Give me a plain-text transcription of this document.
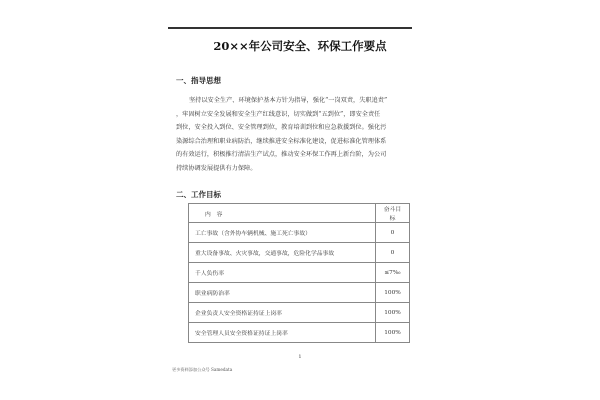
20××年公司安全、环保工作要点
一、指导思想
坚持以安全生产、环境保护基本方针为指导，强化“一岗双责，失职追责”
，牢固树立安全发展和安全生产红线意识，切实做到“五到位”，即安全责任
到位，安全投入到位、安全管理到位，教育培训到位和应急救援到位。强化污
染源综合治理和职业病防治，继续推进安全标准化建设，促进标准化管理体系
的有效运行，积极推行清洁生产试点，推动安全环保工作再上新台阶，为公司
持续协调发展提供有力保障。
二、工作目标
内　容	奋斗目标
工亡事故（含外协车辆机械、施工死亡事故）	0
重大设备事故、火灾事故，交通事故，危险化学品事故	0
千人负伤率	≤7‰
职业病防治率	100%
企业负责人安全资格证持证上岗率	100%
安全管理人员安全资格证持证上岗率	100%
1
更多资料添加公众号 Samedata
